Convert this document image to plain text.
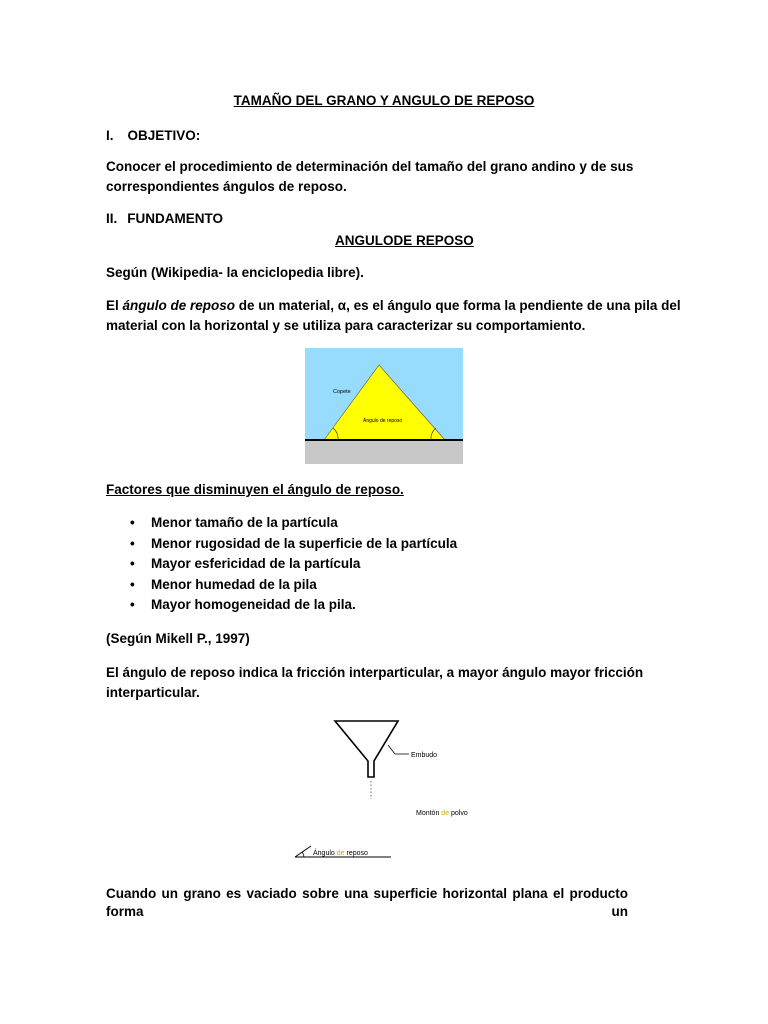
TAMAÑO DEL GRANO Y ANGULO DE REPOSO
I. OBJETIVO:
Conocer el procedimiento de determinación del tamaño del grano andino y de sus
correspondientes ángulos de reposo.
II. FUNDAMENTO
ANGULODE REPOSO
Según (Wikipedia- la enciclopedia libre).
El ángulo de reposo de un material, α, es el ángulo que forma la pendiente de una pila del
material con la horizontal y se utiliza para caracterizar su comportamiento.
Copete
Ángulo de reposo
Factores que disminuyen el ángulo de reposo.
• Menor tamaño de la partícula
• Menor rugosidad de la superficie de la partícula
• Mayor esfericidad de la partícula
• Menor humedad de la pila
• Mayor homogeneidad de la pila.
(Según Mikell P., 1997)
El ángulo de reposo indica la fricción interparticular, a mayor ángulo mayor fricción
interparticular.
Embudo
Montón de polvo
Ángulo de reposo
Cuando un grano es vaciado sobre una superficie horizontal plana el producto forma un
